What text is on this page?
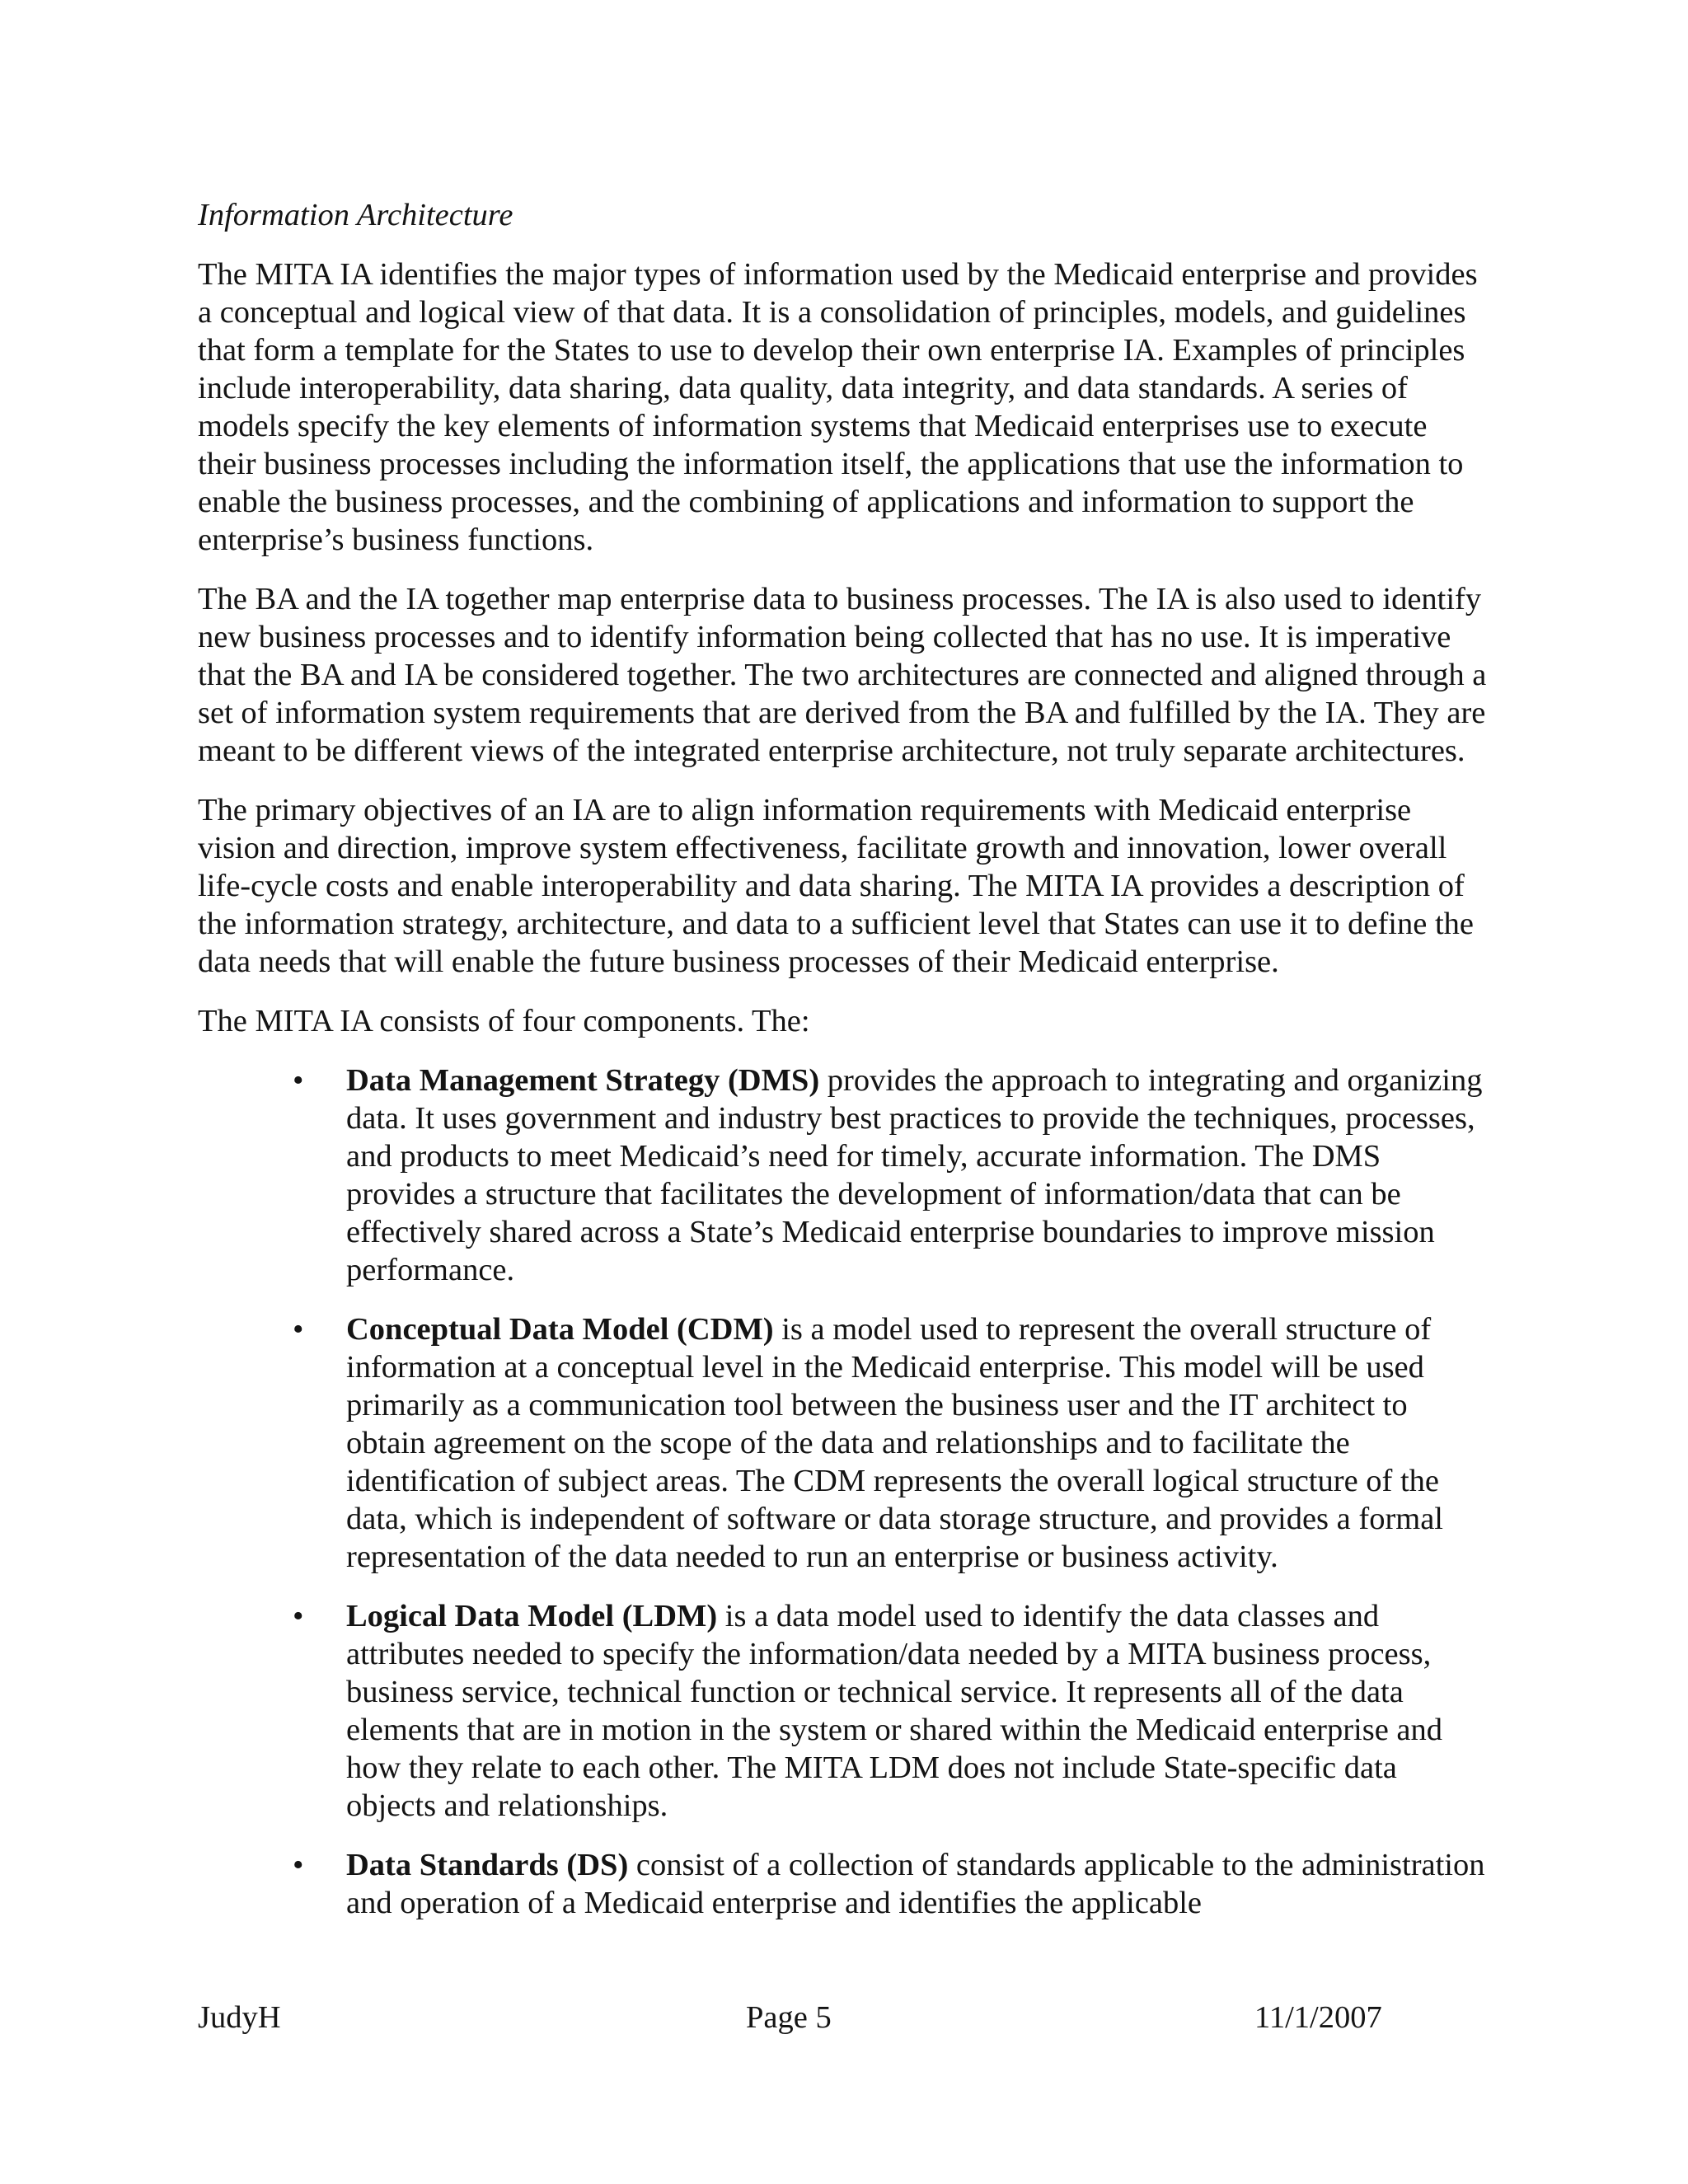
Information Architecture

The MITA IA identifies the major types of information used by the Medicaid enterprise and provides a conceptual and logical view of that data. It is a consolidation of principles, models, and guidelines that form a template for the States to use to develop their own enterprise IA. Examples of principles include interoperability, data sharing, data quality, data integrity, and data standards. A series of models specify the key elements of information systems that Medicaid enterprises use to execute their business processes including the information itself, the applications that use the information to enable the business processes, and the combining of applications and information to support the enterprise’s business functions.

The BA and the IA together map enterprise data to business processes. The IA is also used to identify new business processes and to identify information being collected that has no use. It is imperative that the BA and IA be considered together. The two architectures are connected and aligned through a set of information system requirements that are derived from the BA and fulfilled by the IA. They are meant to be different views of the integrated enterprise architecture, not truly separate architectures.

The primary objectives of an IA are to align information requirements with Medicaid enterprise vision and direction, improve system effectiveness, facilitate growth and innovation, lower overall life-cycle costs and enable interoperability and data sharing. The MITA IA provides a description of the information strategy, architecture, and data to a sufficient level that States can use it to define the data needs that will enable the future business processes of their Medicaid enterprise.

The MITA IA consists of four components. The:

• Data Management Strategy (DMS) provides the approach to integrating and organizing data. It uses government and industry best practices to provide the techniques, processes, and products to meet Medicaid’s need for timely, accurate information. The DMS provides a structure that facilitates the development of information/data that can be effectively shared across a State’s Medicaid enterprise boundaries to improve mission performance.
• Conceptual Data Model (CDM) is a model used to represent the overall structure of information at a conceptual level in the Medicaid enterprise. This model will be used primarily as a communication tool between the business user and the IT architect to obtain agreement on the scope of the data and relationships and to facilitate the identification of subject areas. The CDM represents the overall logical structure of the data, which is independent of software or data storage structure, and provides a formal representation of the data needed to run an enterprise or business activity.
• Logical Data Model (LDM) is a data model used to identify the data classes and attributes needed to specify the information/data needed by a MITA business process, business service, technical function or technical service. It represents all of the data elements that are in motion in the system or shared within the Medicaid enterprise and how they relate to each other. The MITA LDM does not include State-specific data objects and relationships.
• Data Standards (DS) consist of a collection of standards applicable to the administration and operation of a Medicaid enterprise and identifies the applicable
JudyH	Page 5	11/1/2007
